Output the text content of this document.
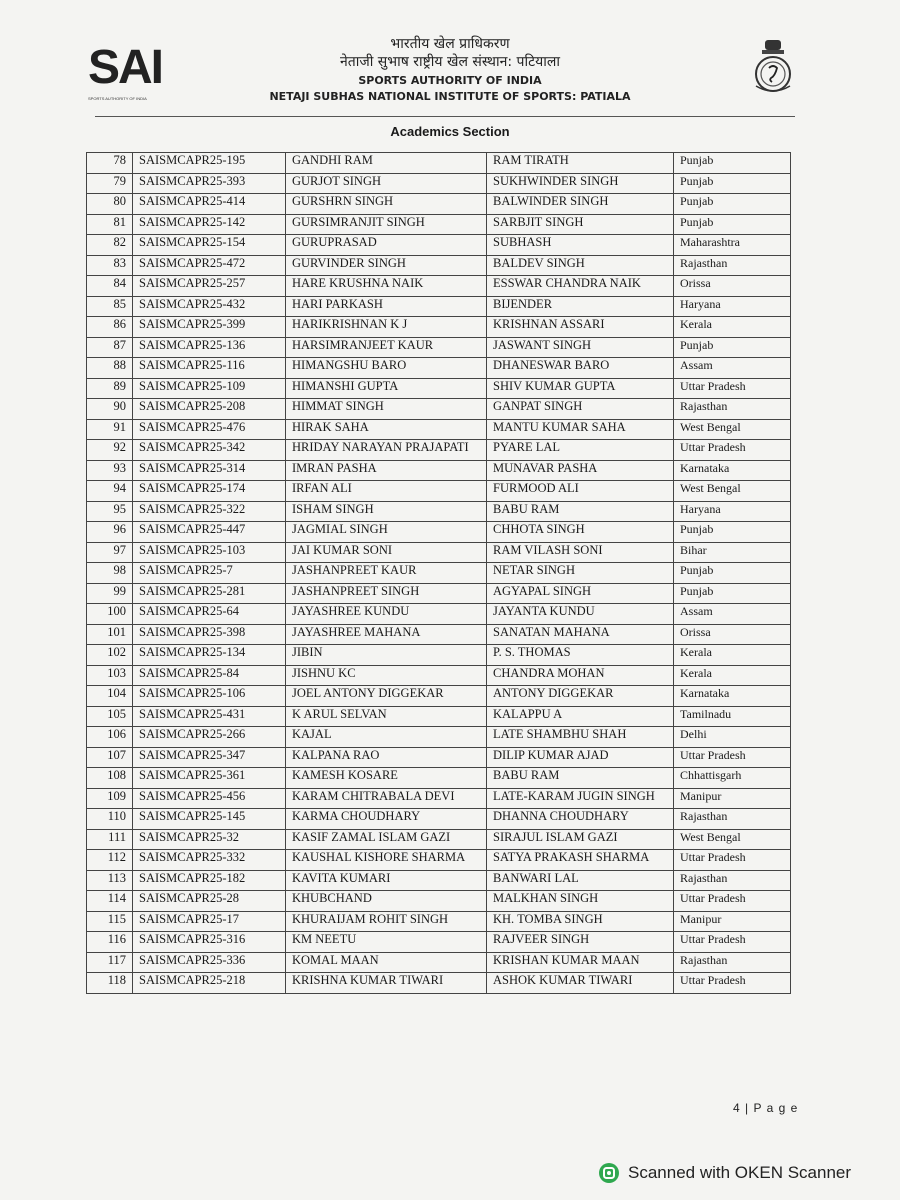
SAI
SPORTS AUTHORITY OF INDIA
भारतीय खेल प्राधिकरण
नेताजी सुभाष राष्ट्रीय खेल संस्थान: पटियाला
SPORTS AUTHORITY OF INDIA
NETAJI SUBHAS NATIONAL INSTITUTE OF SPORTS: PATIALA
Academics Section
78	SAISMCAPR25-195	GANDHI RAM	RAM TIRATH	Punjab
79	SAISMCAPR25-393	GURJOT SINGH	SUKHWINDER SINGH	Punjab
80	SAISMCAPR25-414	GURSHRN SINGH	BALWINDER SINGH	Punjab
81	SAISMCAPR25-142	GURSIMRANJIT SINGH	SARBJIT SINGH	Punjab
82	SAISMCAPR25-154	GURUPRASAD	SUBHASH	Maharashtra
83	SAISMCAPR25-472	GURVINDER SINGH	BALDEV SINGH	Rajasthan
84	SAISMCAPR25-257	HARE KRUSHNA NAIK	ESSWAR CHANDRA NAIK	Orissa
85	SAISMCAPR25-432	HARI PARKASH	BIJENDER	Haryana
86	SAISMCAPR25-399	HARIKRISHNAN K J	KRISHNAN ASSARI	Kerala
87	SAISMCAPR25-136	HARSIMRANJEET KAUR	JASWANT SINGH	Punjab
88	SAISMCAPR25-116	HIMANGSHU BARO	DHANESWAR BARO	Assam
89	SAISMCAPR25-109	HIMANSHI GUPTA	SHIV KUMAR GUPTA	Uttar Pradesh
90	SAISMCAPR25-208	HIMMAT SINGH	GANPAT SINGH	Rajasthan
91	SAISMCAPR25-476	HIRAK SAHA	MANTU KUMAR SAHA	West Bengal
92	SAISMCAPR25-342	HRIDAY NARAYAN PRAJAPATI	PYARE LAL	Uttar Pradesh
93	SAISMCAPR25-314	IMRAN PASHA	MUNAVAR PASHA	Karnataka
94	SAISMCAPR25-174	IRFAN ALI	FURMOOD ALI	West Bengal
95	SAISMCAPR25-322	ISHAM SINGH	BABU RAM	Haryana
96	SAISMCAPR25-447	JAGMIAL SINGH	CHHOTA SINGH	Punjab
97	SAISMCAPR25-103	JAI KUMAR SONI	RAM VILASH SONI	Bihar
98	SAISMCAPR25-7	JASHANPREET KAUR	NETAR SINGH	Punjab
99	SAISMCAPR25-281	JASHANPREET SINGH	AGYAPAL SINGH	Punjab
100	SAISMCAPR25-64	JAYASHREE KUNDU	JAYANTA KUNDU	Assam
101	SAISMCAPR25-398	JAYASHREE MAHANA	SANATAN MAHANA	Orissa
102	SAISMCAPR25-134	JIBIN	P. S. THOMAS	Kerala
103	SAISMCAPR25-84	JISHNU KC	CHANDRA MOHAN	Kerala
104	SAISMCAPR25-106	JOEL ANTONY DIGGEKAR	ANTONY DIGGEKAR	Karnataka
105	SAISMCAPR25-431	K ARUL SELVAN	KALAPPU A	Tamilnadu
106	SAISMCAPR25-266	KAJAL	LATE SHAMBHU SHAH	Delhi
107	SAISMCAPR25-347	KALPANA RAO	DILIP KUMAR AJAD	Uttar Pradesh
108	SAISMCAPR25-361	KAMESH KOSARE	BABU RAM	Chhattisgarh
109	SAISMCAPR25-456	KARAM CHITRABALA DEVI	LATE-KARAM JUGIN SINGH	Manipur
110	SAISMCAPR25-145	KARMA CHOUDHARY	DHANNA CHOUDHARY	Rajasthan
111	SAISMCAPR25-32	KASIF ZAMAL ISLAM GAZI	SIRAJUL ISLAM GAZI	West Bengal
112	SAISMCAPR25-332	KAUSHAL KISHORE SHARMA	SATYA PRAKASH SHARMA	Uttar Pradesh
113	SAISMCAPR25-182	KAVITA KUMARI	BANWARI LAL	Rajasthan
114	SAISMCAPR25-28	KHUBCHAND	MALKHAN SINGH	Uttar Pradesh
115	SAISMCAPR25-17	KHURAIJAM ROHIT SINGH	KH. TOMBA SINGH	Manipur
116	SAISMCAPR25-316	KM NEETU	RAJVEER SINGH	Uttar Pradesh
117	SAISMCAPR25-336	KOMAL MAAN	KRISHAN KUMAR MAAN	Rajasthan
118	SAISMCAPR25-218	KRISHNA KUMAR TIWARI	ASHOK KUMAR TIWARI	Uttar Pradesh
4 | P a g e
Scanned with OKEN Scanner
